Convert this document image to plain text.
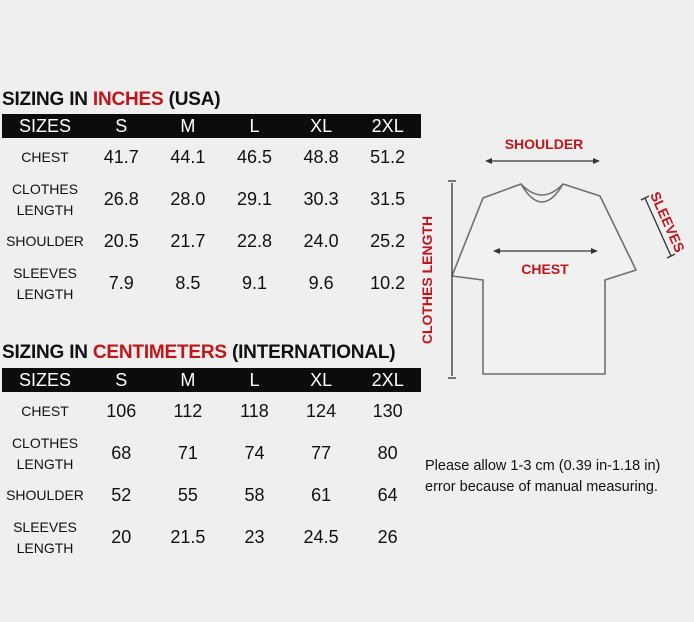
SIZING IN INCHES (USA)
SIZES	S	M	L	XL	2XL
CHEST	41.7	44.1	46.5	48.8	51.2
CLOTHES
LENGTH	26.8	28.0	29.1	30.3	31.5
SHOULDER	20.5	21.7	22.8	24.0	25.2
SLEEVES
LENGTH	7.9	8.5	9.1	9.6	10.2
SIZING IN CENTIMETERS (INTERNATIONAL)
SIZES	S	M	L	XL	2XL
CHEST	106	112	118	124	130
CLOTHES
LENGTH	68	71	74	77	80
SHOULDER	52	55	58	61	64
SLEEVES
LENGTH	20	21.5	23	24.5	26
SHOULDER
CHEST
CLOTHES LENGTH	SLEEVES
Please allow 1-3 cm (0.39 in-1.18 in)
error because of manual measuring.
